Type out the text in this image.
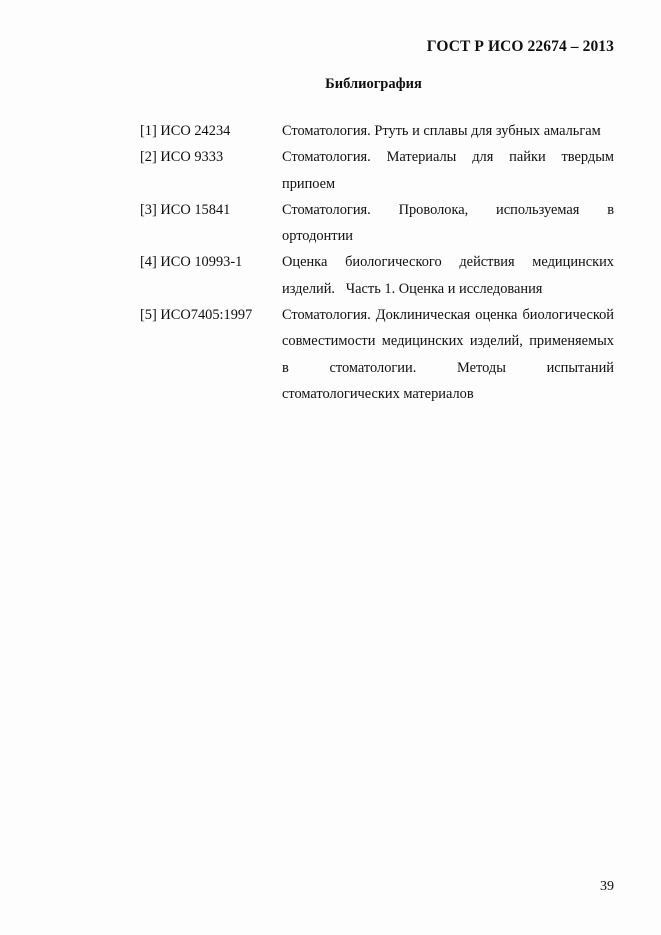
ГОСТ Р ИСО 22674 – 2013
Библиография
[1] ИСО 24234	Стоматология. Ртуть и сплавы для зубных амальгам
[2] ИСО 9333	Стоматология. Материалы для пайки твердым припоем
[3] ИСО 15841	Стоматология. Проволока, используемая в ортодонтии
[4] ИСО 10993-1	Оценка биологического действия медицинских изделий.   Часть 1. Оценка и исследования
[5] ИСО7405:1997	Стоматология. Доклиническая оценка биологической совместимости медицинских изделий, применяемых в стоматологии. Методы испытаний стоматологических материалов
39
